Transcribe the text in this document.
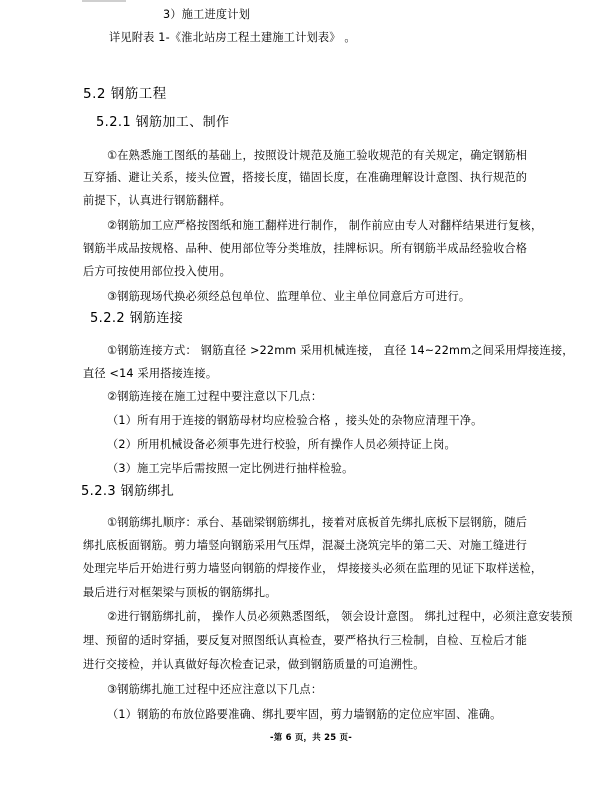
3）施工进度计划
详见附表 1-《淮北站房工程土建施工计划表》 。
5.2 钢筋工程
5.2.1 钢筋加工、制作
①在熟悉施工图纸的基础上，按照设计规范及施工验收规范的有关规定，确定钢筋相
互穿插、避让关系，接头位置，搭接长度，锚固长度，在准确理解设计意图、执行规范的
前提下，认真进行钢筋翻样。
②钢筋加工应严格按图纸和施工翻样进行制作， 制作前应由专人对翻样结果进行复核，
钢筋半成品按规格、品种、使用部位等分类堆放，挂牌标识。所有钢筋半成品经验收合格
后方可按使用部位投入使用。
③钢筋现场代换必须经总包单位、监理单位、业主单位同意后方可进行。
5.2.2 钢筋连接
①钢筋连接方式： 钢筋直径 >22mm 采用机械连接， 直径 14~22mm之间采用焊接连接，
直径 <14 采用搭接连接。
②钢筋连接在施工过程中要注意以下几点：
（1）所有用于连接的钢筋母材均应检验合格 ，接头处的杂物应清理干净。
（2）所用机械设备必须事先进行校验，所有操作人员必须持证上岗。
（3）施工完毕后需按照一定比例进行抽样检验。
5.2.3 钢筋绑扎
①钢筋绑扎顺序：承台、基础梁钢筋绑扎，接着对底板首先绑扎底板下层钢筋，随后
绑扎底板面钢筋。剪力墙竖向钢筋采用气压焊，混凝土浇筑完毕的第二天、对施工缝进行
处理完毕后开始进行剪力墙竖向钢筋的焊接作业， 焊接接头必须在监理的见证下取样送检，
最后进行对框架梁与顶板的钢筋绑扎。
②进行钢筋绑扎前， 操作人员必须熟悉图纸， 领会设计意图。 绑扎过程中，必须注意安装预
埋、预留的适时穿插，要反复对照图纸认真检查，要严格执行三检制，自检、互检后才能
进行交接检，并认真做好每次检查记录，做到钢筋质量的可追溯性。
③钢筋绑扎施工过程中还应注意以下几点：
（1）钢筋的布放位路要准确、绑扎要牢固，剪力墙钢筋的定位应牢固、准确。
-第 6 页，共 25 页-
